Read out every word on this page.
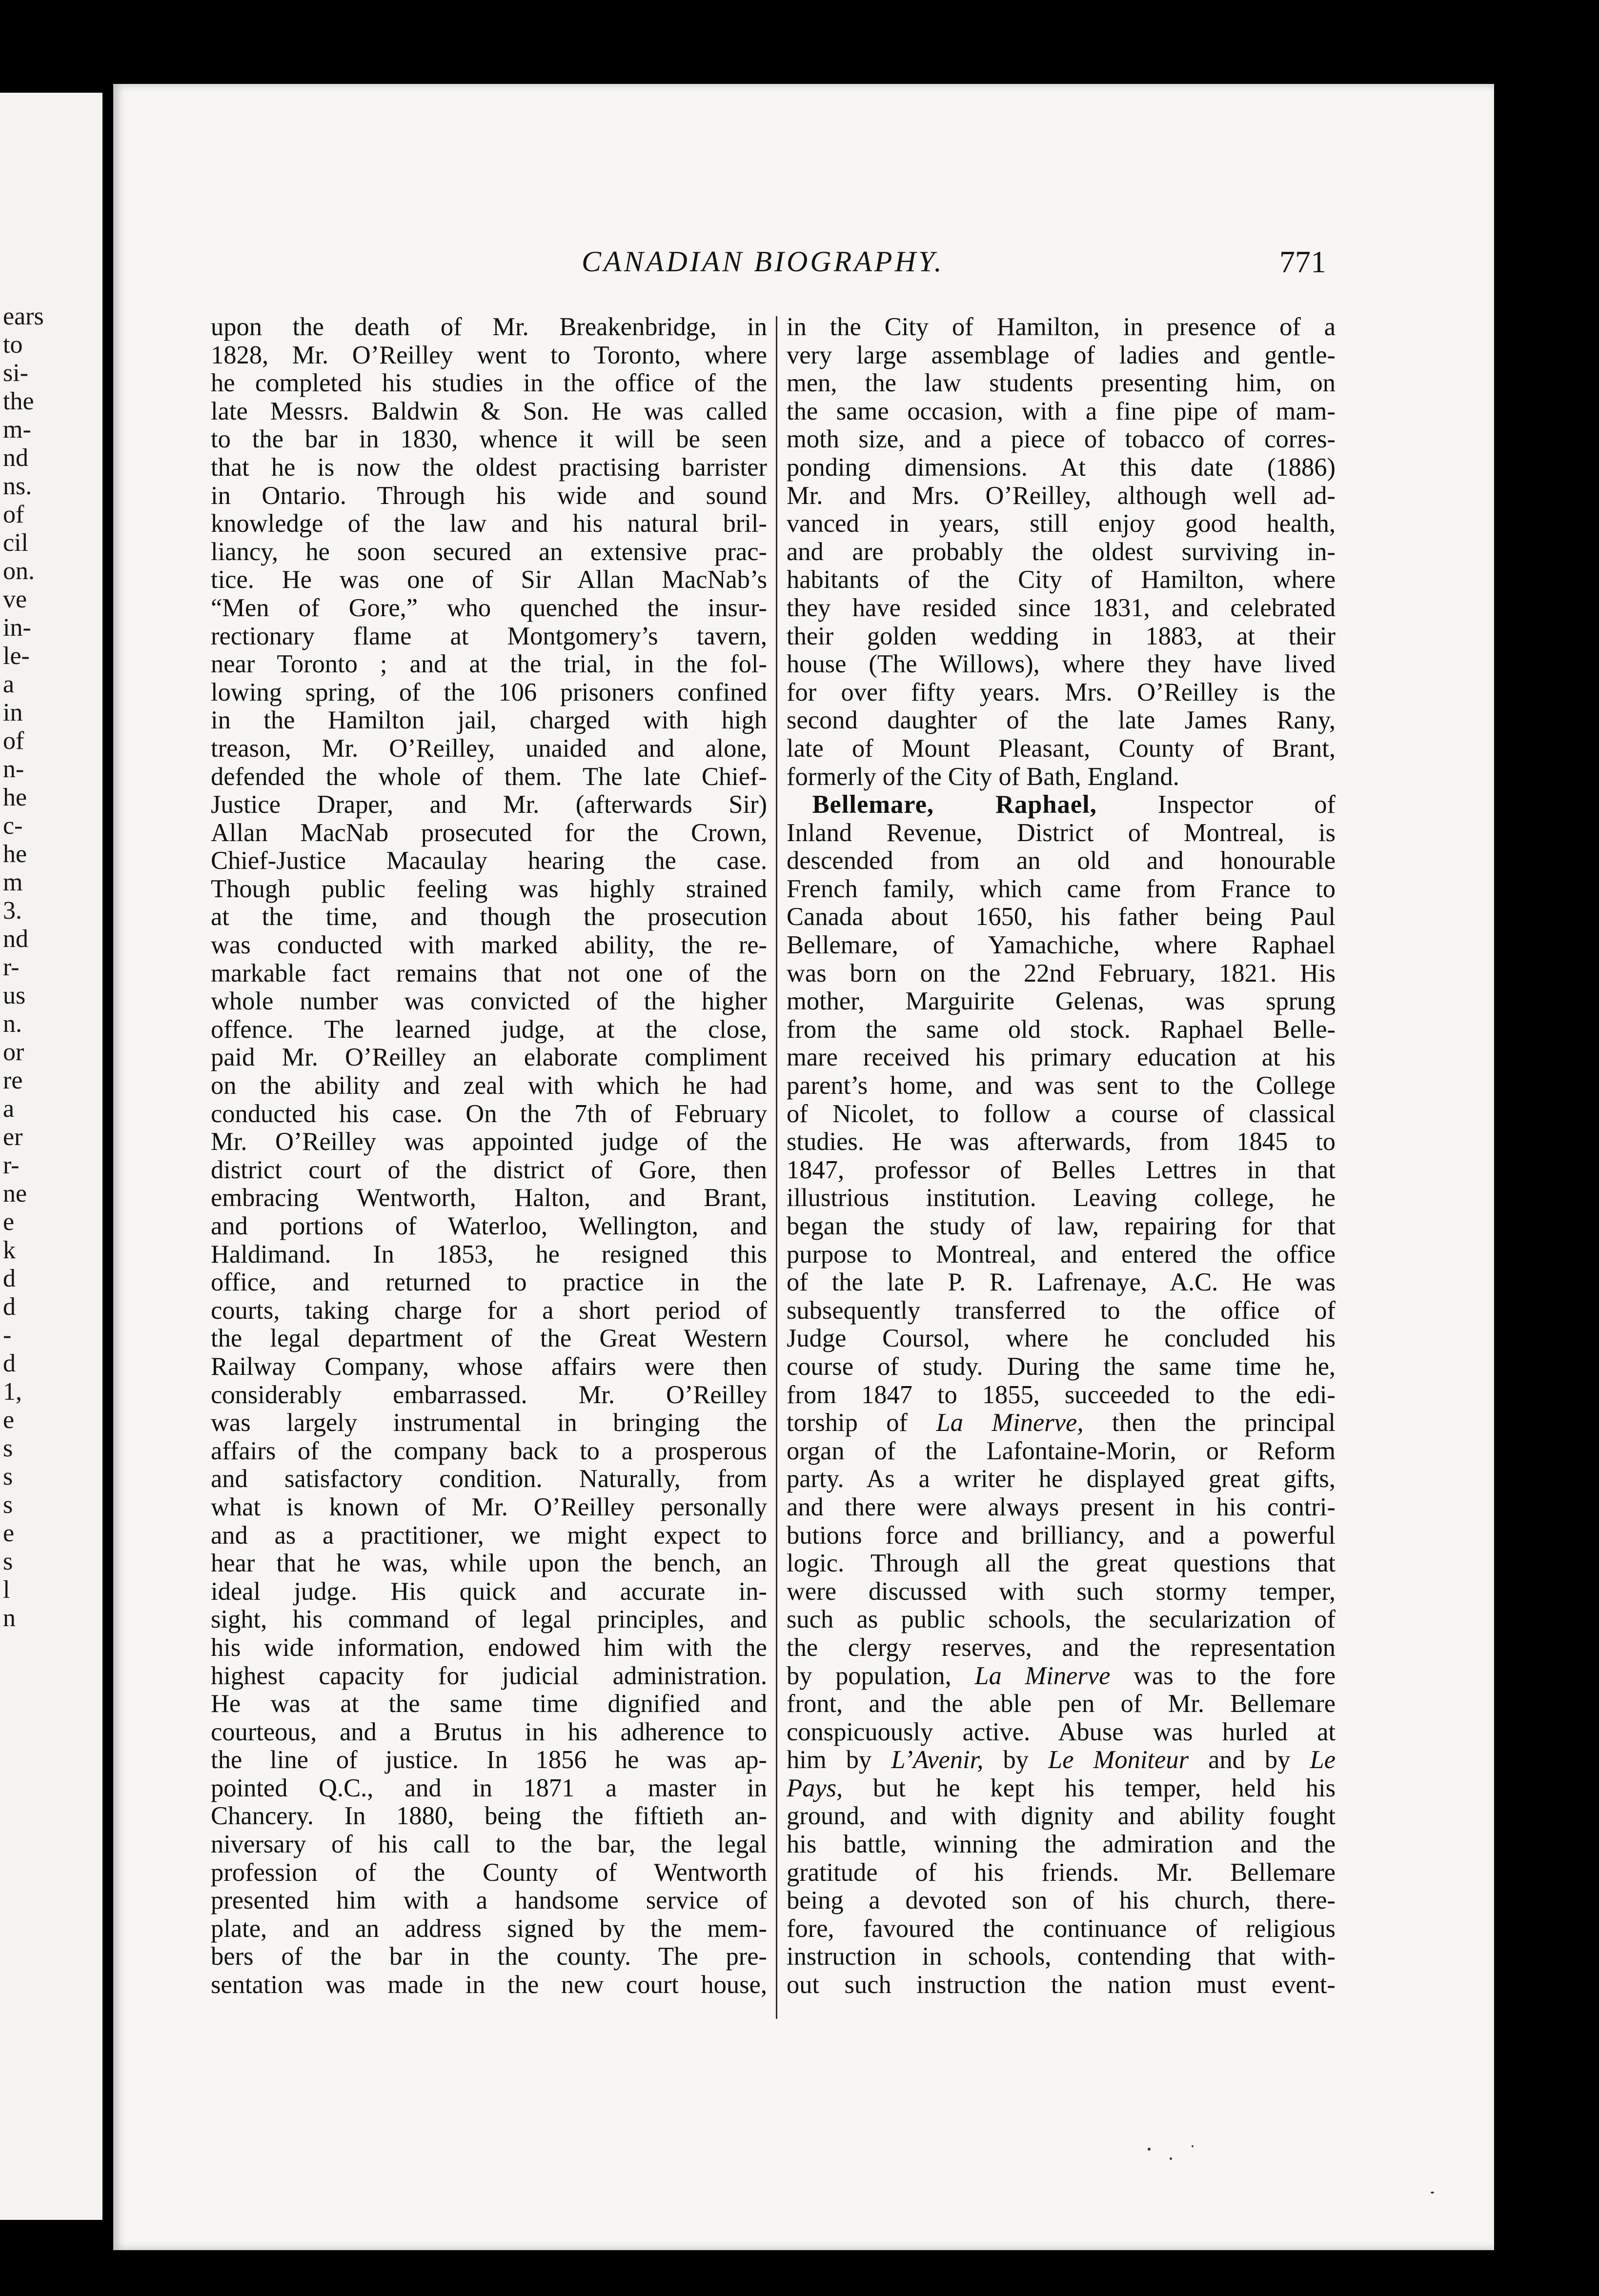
ears
to
si-
the
m-
nd
ns.
of
cil
on.
ve
in-
le-
a
in
of
n-
he
c-
he
m
3.
nd
r-
us
n.
or
re
a
er
r-
ne
e
k
d
d
-
d
1,
e
s
s
s
e
s
l
n
CANADIAN BIOGRAPHY.	771
upon the death of Mr. Breakenbridge, in
1828, Mr. O’Reilley went to Toronto, where
he completed his studies in the office of the
late Messrs. Baldwin & Son. He was called
to the bar in 1830, whence it will be seen
that he is now the oldest practising barrister
in Ontario. Through his wide and sound
knowledge of the law and his natural bril-
liancy, he soon secured an extensive prac-
tice. He was one of Sir Allan MacNab’s
“Men of Gore,” who quenched the insur-
rectionary flame at Montgomery’s tavern,
near Toronto ; and at the trial, in the fol-
lowing spring, of the 106 prisoners confined
in the Hamilton jail, charged with high
treason, Mr. O’Reilley, unaided and alone,
defended the whole of them. The late Chief-
Justice Draper, and Mr. (afterwards Sir)
Allan MacNab prosecuted for the Crown,
Chief-Justice Macaulay hearing the case.
Though public feeling was highly strained
at the time, and though the prosecution
was conducted with marked ability, the re-
markable fact remains that not one of the
whole number was convicted of the higher
offence. The learned judge, at the close,
paid Mr. O’Reilley an elaborate compliment
on the ability and zeal with which he had
conducted his case. On the 7th of February
Mr. O’Reilley was appointed judge of the
district court of the district of Gore, then
embracing Wentworth, Halton, and Brant,
and portions of Waterloo, Wellington, and
Haldimand. In 1853, he resigned this
office, and returned to practice in the
courts, taking charge for a short period of
the legal department of the Great Western
Railway Company, whose affairs were then
considerably embarrassed. Mr. O’Reilley
was largely instrumental in bringing the
affairs of the company back to a prosperous
and satisfactory condition. Naturally, from
what is known of Mr. O’Reilley personally
and as a practitioner, we might expect to
hear that he was, while upon the bench, an
ideal judge. His quick and accurate in-
sight, his command of legal principles, and
his wide information, endowed him with the
highest capacity for judicial administration.
He was at the same time dignified and
courteous, and a Brutus in his adherence to
the line of justice. In 1856 he was ap-
pointed Q.C., and in 1871 a master in
Chancery. In 1880, being the fiftieth an-
niversary of his call to the bar, the legal
profession of the County of Wentworth
presented him with a handsome service of
plate, and an address signed by the mem-
bers of the bar in the county. The pre-
sentation was made in the new court house,
in the City of Hamilton, in presence of a
very large assemblage of ladies and gentle-
men, the law students presenting him, on
the same occasion, with a fine pipe of mam-
moth size, and a piece of tobacco of corres-
ponding dimensions. At this date (1886)
Mr. and Mrs. O’Reilley, although well ad-
vanced in years, still enjoy good health,
and are probably the oldest surviving in-
habitants of the City of Hamilton, where
they have resided since 1831, and celebrated
their golden wedding in 1883, at their
house (The Willows), where they have lived
for over fifty years. Mrs. O’Reilley is the
second daughter of the late James Rany,
late of Mount Pleasant, County of Brant,
formerly of the City of Bath, England.
 Bellemare, Raphael, Inspector of
Inland Revenue, District of Montreal, is
descended from an old and honourable
French family, which came from France to
Canada about 1650, his father being Paul
Bellemare, of Yamachiche, where Raphael
was born on the 22nd February, 1821. His
mother, Marguirite Gelenas, was sprung
from the same old stock. Raphael Belle-
mare received his primary education at his
parent’s home, and was sent to the College
of Nicolet, to follow a course of classical
studies. He was afterwards, from 1845 to
1847, professor of Belles Lettres in that
illustrious institution. Leaving college, he
began the study of law, repairing for that
purpose to Montreal, and entered the office
of the late P. R. Lafrenaye, A.C. He was
subsequently transferred to the office of
Judge Coursol, where he concluded his
course of study. During the same time he,
from 1847 to 1855, succeeded to the edi-
torship of La Minerve, then the principal
organ of the Lafontaine-Morin, or Reform
party. As a writer he displayed great gifts,
and there were always present in his contri-
butions force and brilliancy, and a powerful
logic. Through all the great questions that
were discussed with such stormy temper,
such as public schools, the secularization of
the clergy reserves, and the representation
by population, La Minerve was to the fore
front, and the able pen of Mr. Bellemare
conspicuously active. Abuse was hurled at
him by L’Avenir, by Le Moniteur and by Le
Pays, but he kept his temper, held his
ground, and with dignity and ability fought
his battle, winning the admiration and the
gratitude of his friends. Mr. Bellemare
being a devoted son of his church, there-
fore, favoured the continuance of religious
instruction in schools, contending that with-
out such instruction the nation must event-
